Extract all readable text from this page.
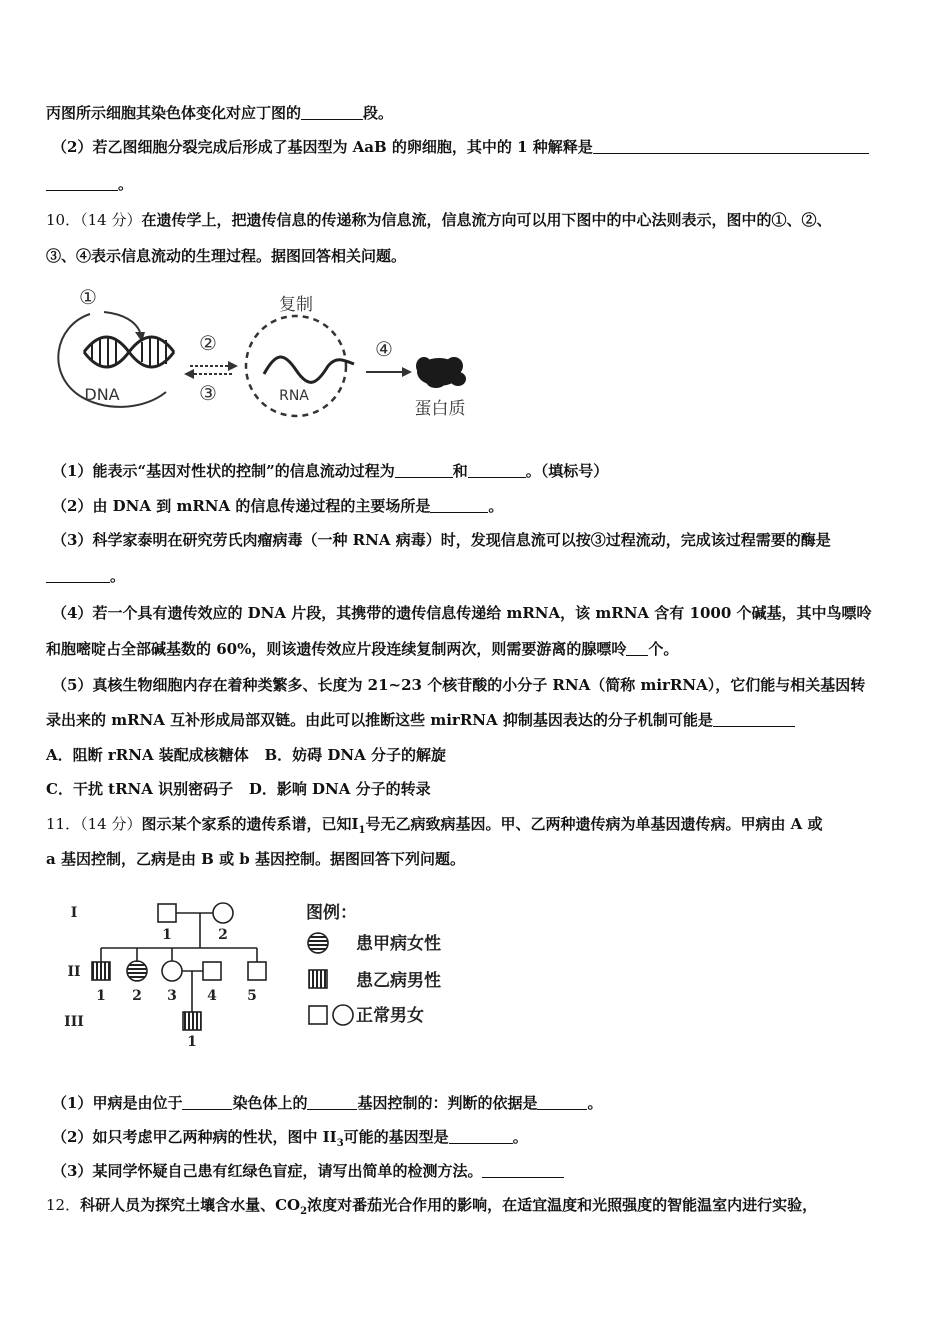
丙图所示细胞其染色体变化对应丁图的	段。
（2）若乙图细胞分裂完成后形成了基因型为 AaB 的卵细胞，其中的 1 种解释是
。
10．（14 分）在遗传学上，把遗传信息的传递称为信息流，信息流方向可以用下图中的中心法则表示，图中的①、②、
③、④表示信息流动的生理过程。据图回答相关问题。
①
DNA
②
③
复制
RNA
④
蛋白质
（1）能表示“基因对性状的控制”的信息流动过程为	和	。（填标号）
（2）由 DNA 到 mRNA 的信息传递过程的主要场所是	。
（3）科学家泰明在研究劳氏肉瘤病毒（一种 RNA 病毒）时，发现信息流可以按③过程流动，完成该过程需要的酶是
。
（4）若一个具有遗传效应的 DNA 片段，其携带的遗传信息传递给 mRNA，该 mRNA 含有 1000 个碱基，其中鸟嘌呤
和胞嘧啶占全部碱基数的 60%，则该遗传效应片段连续复制两次，则需要游离的腺嘌呤 个。
（5）真核生物细胞内存在着种类繁多、长度为 21~23 个核苷酸的小分子 RNA（简称 mirRNA），它们能与相关基因转
录出来的 mRNA 互补形成局部双链。由此可以推断这些 mirRNA 抑制基因表达的分子机制可能是
A．阻断 rRNA 装配成核糖体 B．妨碍 DNA 分子的解旋
C．干扰 tRNA 识别密码子 D．影响 DNA 分子的转录
11．（14 分）图示某个家系的遗传系谱，已知$Ⅰ_1$号无乙病致病基因。甲、乙两种遗传病为单基因遗传病。甲病由 A 或
a 基因控制，乙病是由 B 或 b 基因控制。据图回答下列问题。
I
II
III
1	2
1 2 3 4 5
1
图例：
患甲病女性
患乙病男性
正常男女
（1）甲病是由位于	染色体上的	基因控制的：判断的依据是	。
（2）如只考虑甲乙两种病的性状，图中 $II_3$可能的基因型是	。
（3）某同学怀疑自己患有红绿色盲症，请写出简单的检测方法。
12．科研人员为探究土壤含水量、$CO_2$浓度对番茄光合作用的影响，在适宜温度和光照强度的智能温室内进行实验，
